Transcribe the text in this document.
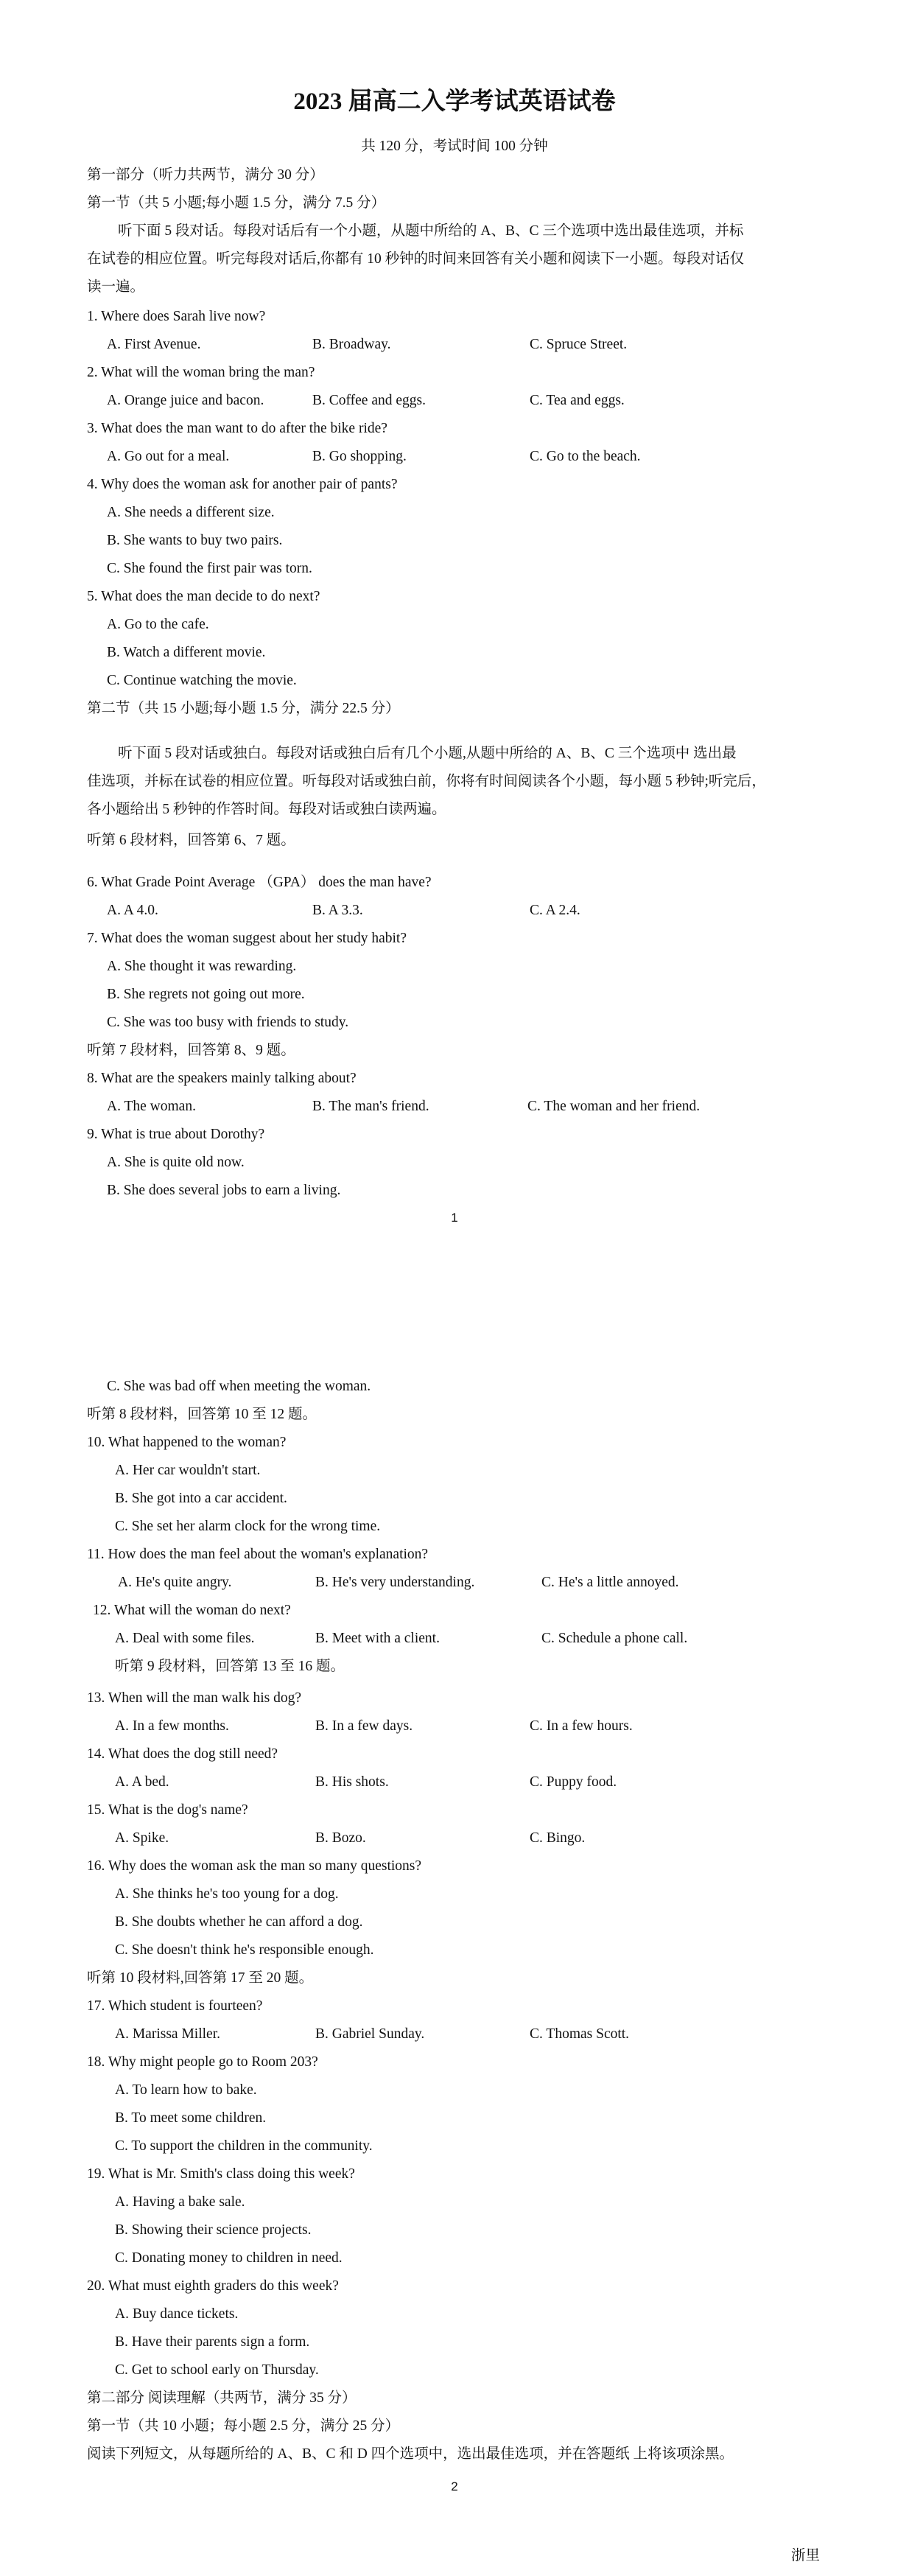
2023 届高二入学考试英语试卷
共 120 分，考试时间 100 分钟
第一部分（听力共两节，满分 30 分）
第一节（共 5 小题;每小题 1.5 分，满分 7.5 分）
听下面 5 段对话。每段对话后有一个小题，从题中所给的 A、B、C 三个选项中选出最佳选项，并标
在试卷的相应位置。听完每段对话后,你都有 10 秒钟的时间来回答有关小题和阅读下一小题。每段对话仅
读一遍。
1. Where does Sarah live now?
A. First Avenue.	B. Broadway.	C. Spruce Street.
2. What will the woman bring the man?
A. Orange juice and bacon.	B. Coffee and eggs.	C. Tea and eggs.
3. What does the man want to do after the bike ride?
A. Go out for a meal.	B. Go shopping.	C. Go to the beach.
4. Why does the woman ask for another pair of pants?
A. She needs a different size.
B. She wants to buy two pairs.
C. She found the first pair was torn.
5. What does the man decide to do next?
A. Go to the cafe.
B. Watch a different movie.
C. Continue watching the movie.
第二节（共 15 小题;每小题 1.5 分，满分 22.5 分）
听下面 5 段对话或独白。每段对话或独白后有几个小题,从题中所给的 A、B、C 三个选项中 选出最
佳选项，并标在试卷的相应位置。听每段对话或独白前，你将有时间阅读各个小题，每小题 5 秒钟;听完后，
各小题给出 5 秒钟的作答时间。每段对话或独白读两遍。
听第 6 段材料，回答第 6、7 题。
6. What Grade Point Average （GPA） does the man have?
A. A 4.0.	B. A 3.3.	C. A 2.4.
7. What does the woman suggest about her study habit?
A. She thought it was rewarding.
B. She regrets not going out more.
C. She was too busy with friends to study.
听第 7 段材料，回答第 8、9 题。
8. What are the speakers mainly talking about?
A. The woman.	B. The man's friend.	C. The woman and her friend.
9. What is true about Dorothy?
A. She is quite old now.
B. She does several jobs to earn a living.
1
C. She was bad off when meeting the woman.
听第 8 段材料，回答第 10 至 12 题。
10. What happened to the woman?
A. Her car wouldn't start.
B. She got into a car accident.
C. She set her alarm clock for the wrong time.
11. How does the man feel about the woman's explanation?
A. He's quite angry.	B. He's very understanding.	C. He's a little annoyed.
12. What will the woman do next?
A. Deal with some files.	B. Meet with a client.	C. Schedule a phone call.
听第 9 段材料，回答第 13 至 16 题。
13. When will the man walk his dog?
A. In a few months.	B. In a few days.	C. In a few hours.
14. What does the dog still need?
A. A bed.	B. His shots.	C. Puppy food.
15. What is the dog's name?
A. Spike.	B. Bozo.	C. Bingo.
16. Why does the woman ask the man so many questions?
A. She thinks he's too young for a dog.
B. She doubts whether he can afford a dog.
C. She doesn't think he's responsible enough.
听第 10 段材料,回答第 17 至 20 题。
17. Which student is fourteen?
A. Marissa Miller.	B. Gabriel Sunday.	C. Thomas Scott.
18. Why might people go to Room 203?
A. To learn how to bake.
B. To meet some children.
C. To support the children in the community.
19. What is Mr. Smith's class doing this week?
A. Having a bake sale.
B. Showing their science projects.
C. Donating money to children in need.
20. What must eighth graders do this week?
A. Buy dance tickets.
B. Have their parents sign a form.
C. Get to school early on Thursday.
第二部分 阅读理解（共两节，满分 35 分）
第一节（共 10 小题；每小题 2.5 分，满分 25 分）
阅读下列短文，从每题所给的 A、B、C 和 D 四个选项中，选出最佳选项，并在答题纸 上将该项涂黑。
2
浙里
